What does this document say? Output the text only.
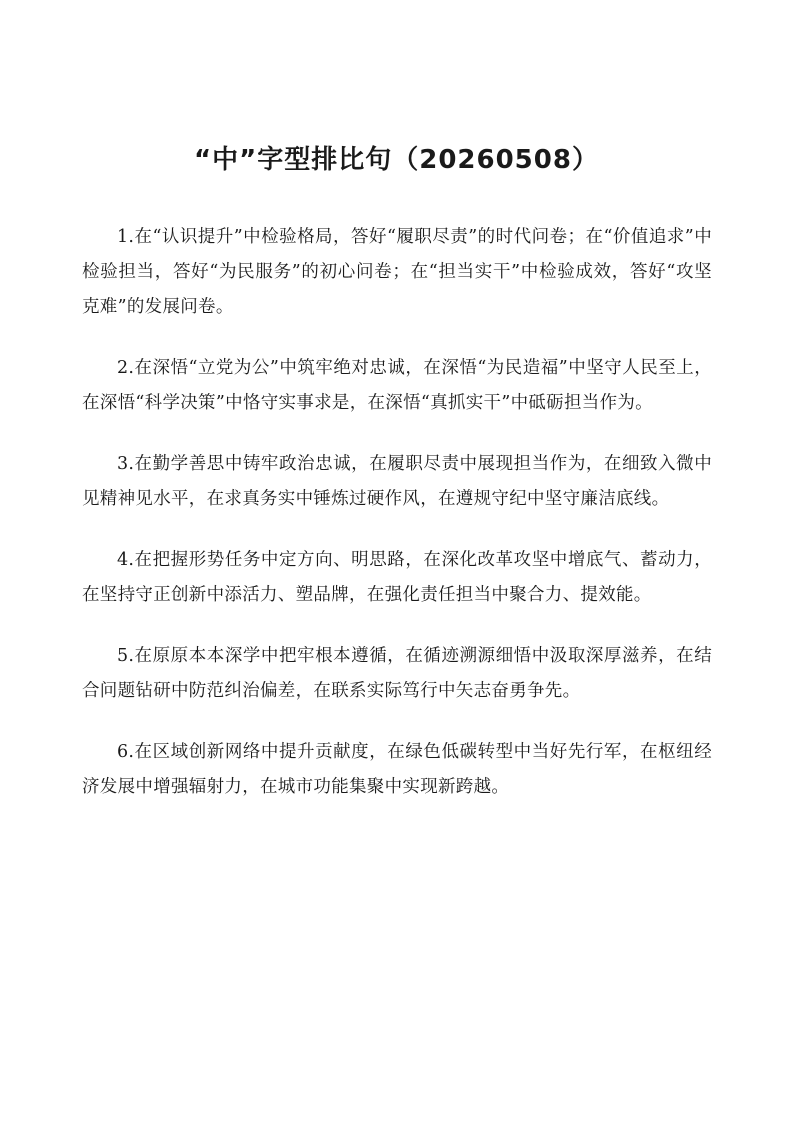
“中”字型排比句（20260508）

1.在“认识提升”中检验格局，答好“履职尽责”的时代问卷；在“价值追求”中检验担当，答好“为民服务”的初心问卷；在“担当实干”中检验成效，答好“攻坚克难”的发展问卷。

2.在深悟“立党为公”中筑牢绝对忠诚，在深悟“为民造福”中坚守人民至上，在深悟“科学决策”中恪守实事求是，在深悟“真抓实干”中砥砺担当作为。

3.在勤学善思中铸牢政治忠诚，在履职尽责中展现担当作为，在细致入微中见精神见水平，在求真务实中锤炼过硬作风，在遵规守纪中坚守廉洁底线。

4.在把握形势任务中定方向、明思路，在深化改革攻坚中增底气、蓄动力，在坚持守正创新中添活力、塑品牌，在强化责任担当中聚合力、提效能。

5.在原原本本深学中把牢根本遵循，在循迹溯源细悟中汲取深厚滋养，在结合问题钻研中防范纠治偏差，在联系实际笃行中矢志奋勇争先。

6.在区域创新网络中提升贡献度，在绿色低碳转型中当好先行军，在枢纽经济发展中增强辐射力，在城市功能集聚中实现新跨越。
